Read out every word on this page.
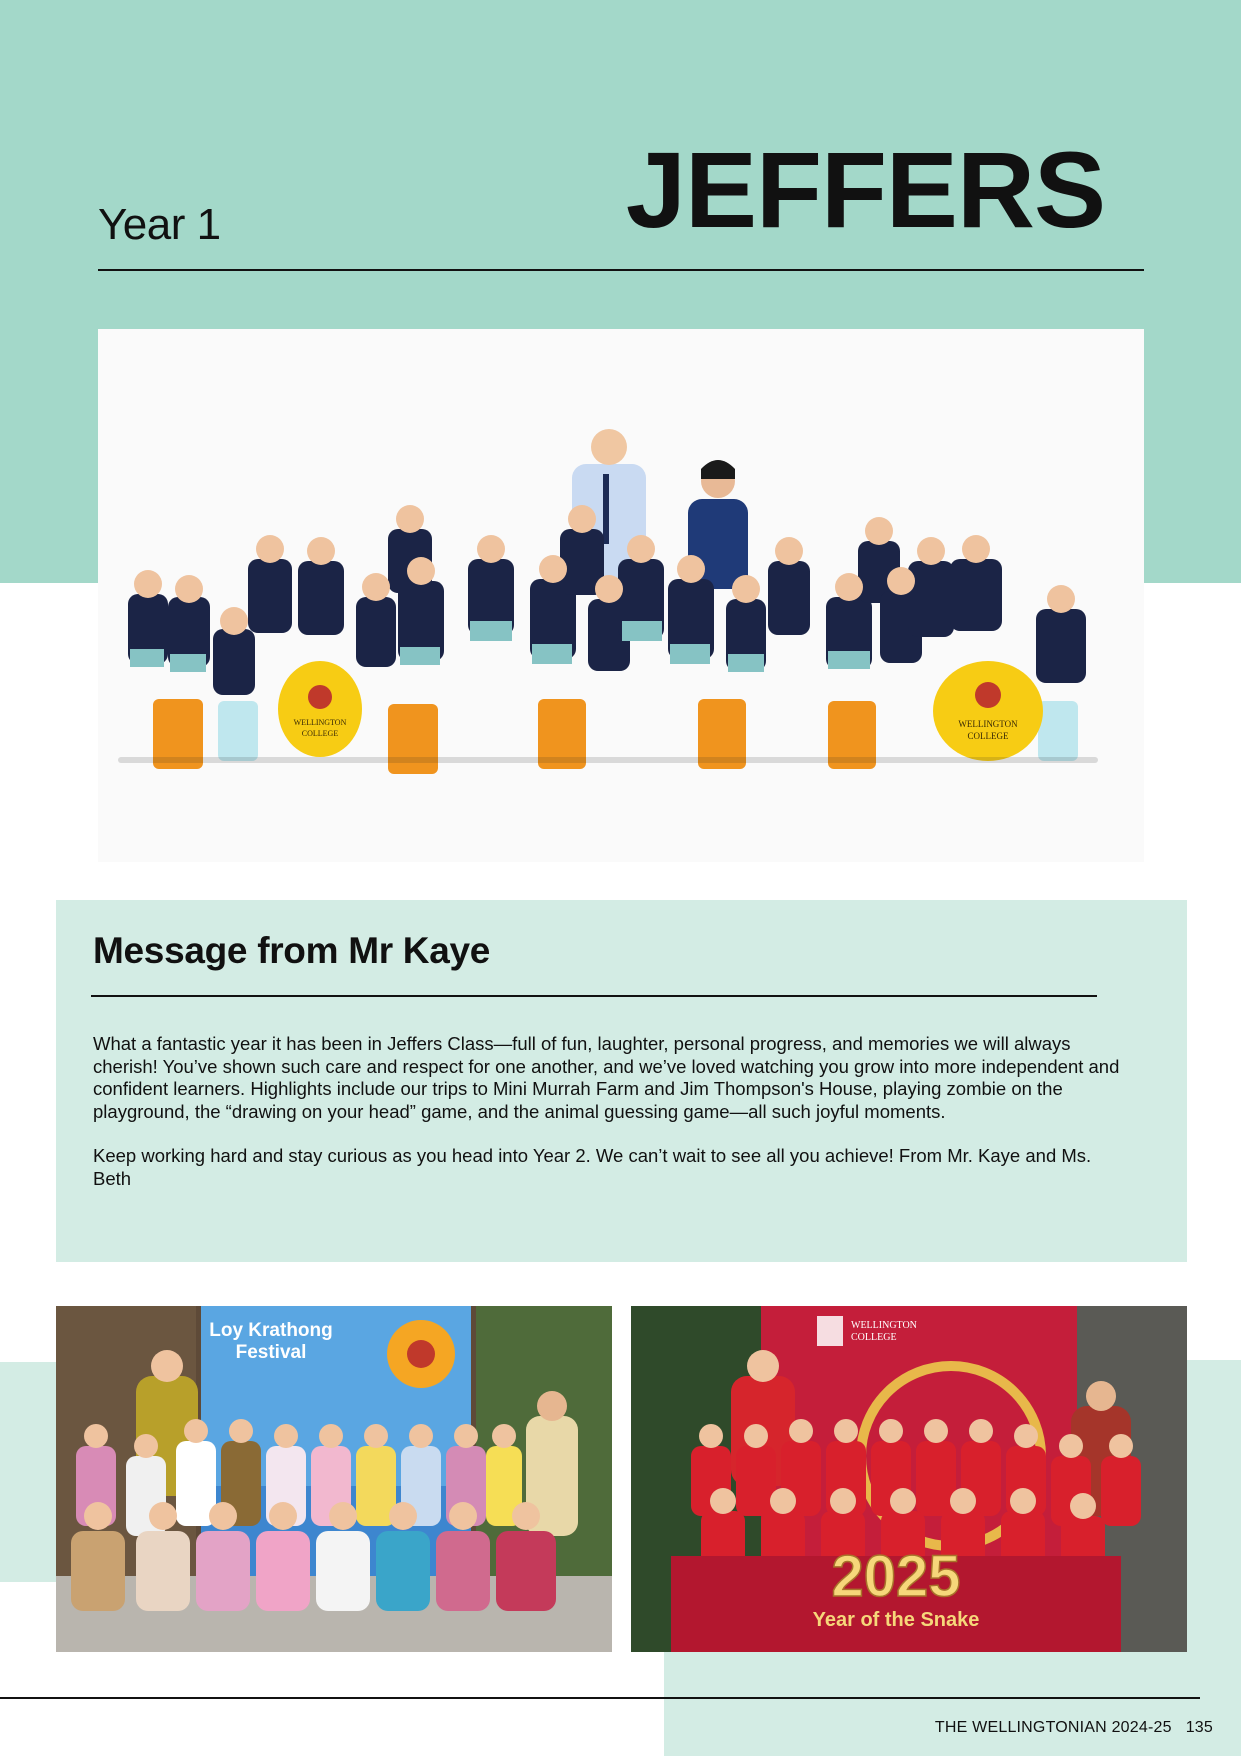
Year 1	JEFFERS
WELLINGTON
COLLEGE
WELLINGTON
COLLEGE
Message from Mr Kaye

What a fantastic year it has been in Jeffers Class—full of fun, laughter, personal progress, and memories we will always cherish! You’ve shown such care and respect for one another, and we’ve loved watching you grow into more independent and confident learners. Highlights include our trips to Mini Murrah Farm and Jim Thompson's House, playing zombie on the playground, the “drawing on your head” game, and the animal guessing game—all such joyful moments.

Keep working hard and stay curious as you head into Year 2. We can’t wait to see all you achieve! From Mr. Kaye and Ms. Beth

Loy Krathong
Festival
WELLINGTON
COLLEGE
2025
Year of the Snake
THE WELLINGTONIAN 2024-25 135
